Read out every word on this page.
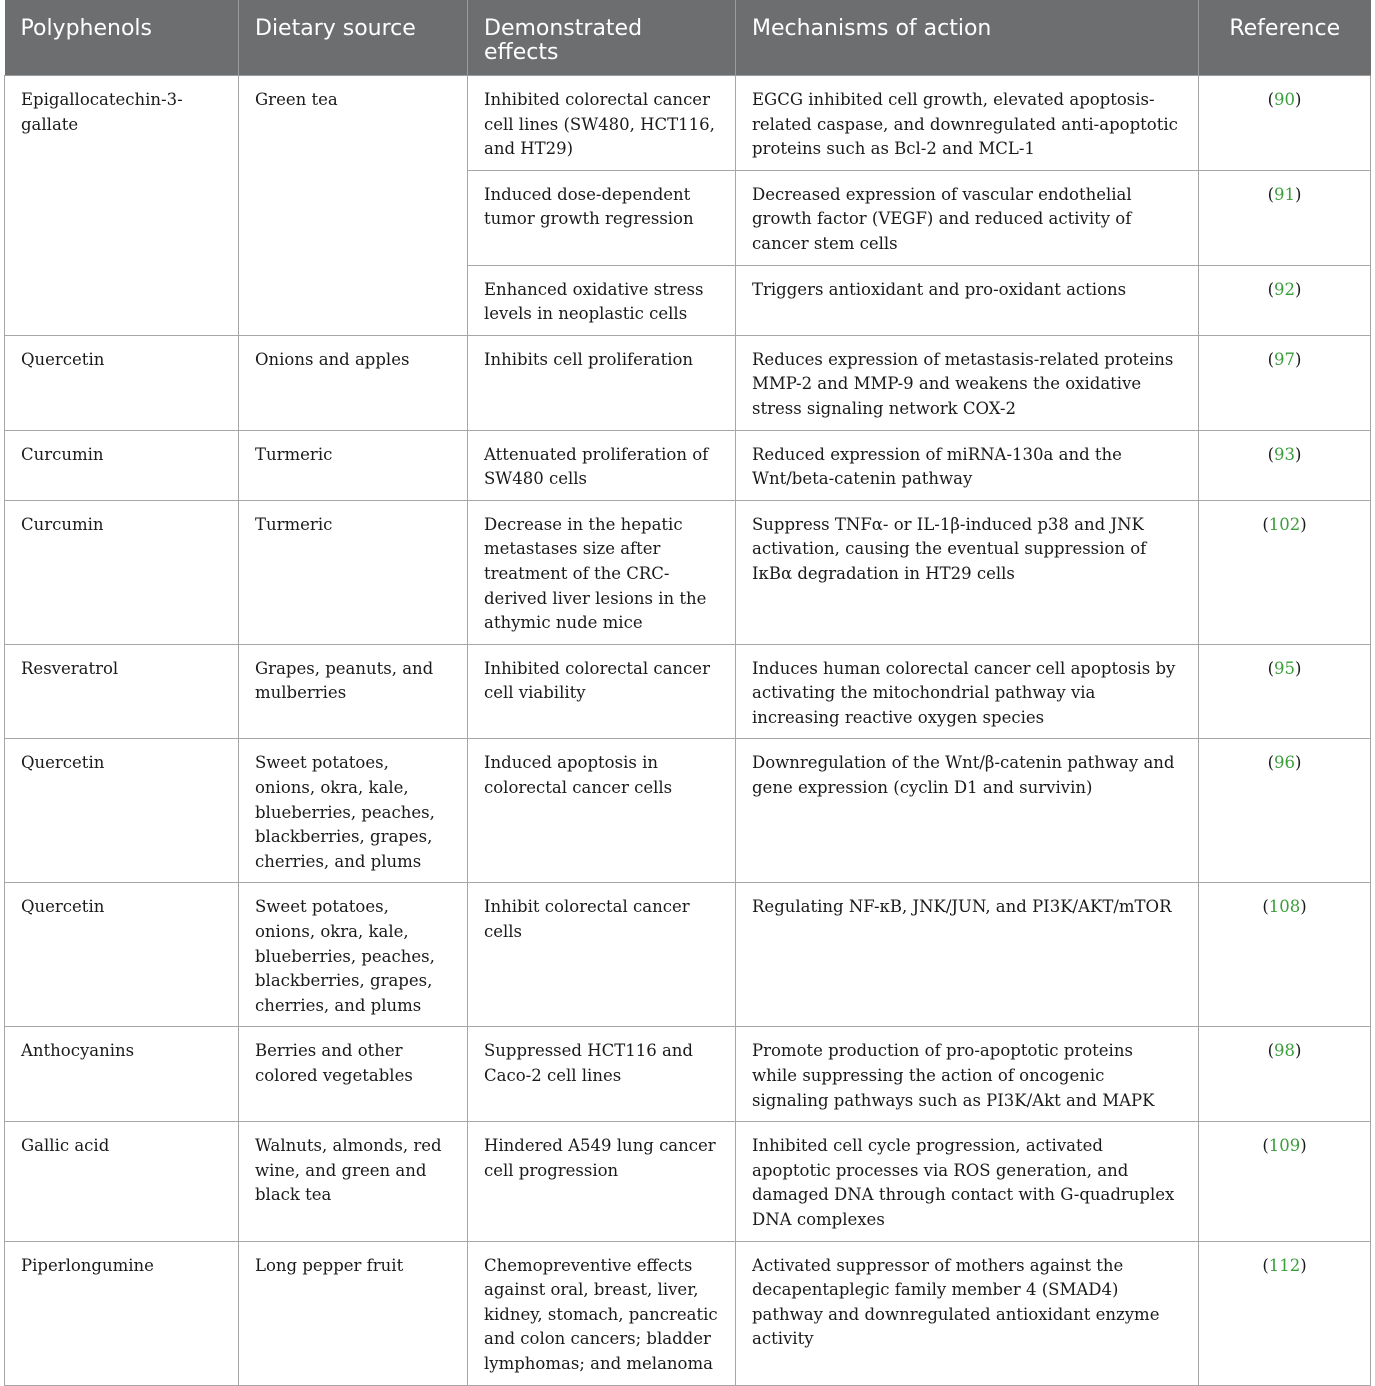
Polyphenols	Dietary source	Demonstrated effects	Mechanisms of action	Reference
Epigallocatechin-3-gallate	Green tea	Inhibited colorectal cancer cell lines (SW480, HCT116, and HT29)	EGCG inhibited cell growth, elevated apoptosis-related caspase, and downregulated anti-apoptotic proteins such as Bcl-2 and MCL-1	(90)
		Induced dose-dependent tumor growth regression	Decreased expression of vascular endothelial growth factor (VEGF) and reduced activity of cancer stem cells	(91)
		Enhanced oxidative stress levels in neoplastic cells	Triggers antioxidant and pro-oxidant actions	(92)
Quercetin	Onions and apples	Inhibits cell proliferation	Reduces expression of metastasis-related proteins MMP-2 and MMP-9 and weakens the oxidative stress signaling network COX-2	(97)
Curcumin	Turmeric	Attenuated proliferation of SW480 cells	Reduced expression of miRNA-130a and the Wnt/beta-catenin pathway	(93)
Curcumin	Turmeric	Decrease in the hepatic metastases size after treatment of the CRC-derived liver lesions in the athymic nude mice	Suppress TNFα- or IL-1β-induced p38 and JNK activation, causing the eventual suppression of IκBα degradation in HT29 cells	(102)
Resveratrol	Grapes, peanuts, and mulberries	Inhibited colorectal cancer cell viability	Induces human colorectal cancer cell apoptosis by activating the mitochondrial pathway via increasing reactive oxygen species	(95)
Quercetin	Sweet potatoes, onions, okra, kale, blueberries, peaches, blackberries, grapes, cherries, and plums	Induced apoptosis in colorectal cancer cells	Downregulation of the Wnt/β-catenin pathway and gene expression (cyclin D1 and survivin)	(96)
Quercetin	Sweet potatoes, onions, okra, kale, blueberries, peaches, blackberries, grapes, cherries, and plums	Inhibit colorectal cancer cells	Regulating NF-κB, JNK/JUN, and PI3K/AKT/mTOR	(108)
Anthocyanins	Berries and other colored vegetables	Suppressed HCT116 and Caco-2 cell lines	Promote production of pro-apoptotic proteins while suppressing the action of oncogenic signaling pathways such as PI3K/Akt and MAPK	(98)
Gallic acid	Walnuts, almonds, red wine, and green and black tea	Hindered A549 lung cancer cell progression	Inhibited cell cycle progression, activated apoptotic processes via ROS generation, and damaged DNA through contact with G-quadruplex DNA complexes	(109)
Piperlongumine	Long pepper fruit	Chemopreventive effects against oral, breast, liver, kidney, stomach, pancreatic and colon cancers; bladder lymphomas; and melanoma	Activated suppressor of mothers against the decapentaplegic family member 4 (SMAD4) pathway and downregulated antioxidant enzyme activity	(112)
